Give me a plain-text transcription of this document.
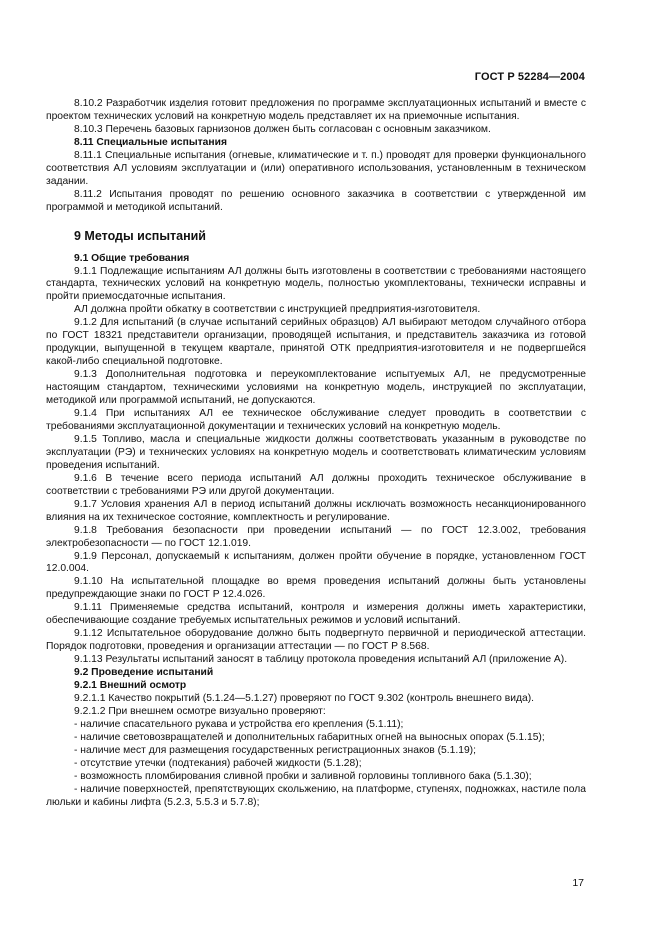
ГОСТ Р 52284—2004

8.10.2 Разработчик изделия готовит предложения по программе эксплуатационных испытаний и вместе с проектом технических условий на конкретную модель представляет их на приемочные испытания.

8.10.3 Перечень базовых гарнизонов должен быть согласован с основным заказчиком.

8.11 Специальные испытания

8.11.1 Специальные испытания (огневые, климатические и т. п.) проводят для проверки функционального соответствия АЛ условиям эксплуатации и (или) оперативного использования, установленным в техническом задании.

8.11.2 Испытания проводят по решению основного заказчика в соответствии с утвержденной им программой и методикой испытаний.

9 Методы испытаний

9.1 Общие требования

9.1.1 Подлежащие испытаниям АЛ должны быть изготовлены в соответствии с требованиями настоящего стандарта, технических условий на конкретную модель, полностью укомплектованы, технически исправны и пройти приемосдаточные испытания.

АЛ должна пройти обкатку в соответствии с инструкцией предприятия-изготовителя.

9.1.2 Для испытаний (в случае испытаний серийных образцов) АЛ выбирают методом случайного отбора по ГОСТ 18321 представители организации, проводящей испытания, и представитель заказчика из готовой продукции, выпущенной в текущем квартале, принятой ОТК предприятия-изготовителя и не подвергшейся какой-либо специальной подготовке.

9.1.3 Дополнительная подготовка и переукомплектование испытуемых АЛ, не предусмотренные настоящим стандартом, техническими условиями на конкретную модель, инструкцией по эксплуатации, методикой или программой испытаний, не допускаются.

9.1.4 При испытаниях АЛ ее техническое обслуживание следует проводить в соответствии с требованиями эксплуатационной документации и технических условий на конкретную модель.

9.1.5 Топливо, масла и специальные жидкости должны соответствовать указанным в руководстве по эксплуатации (РЭ) и технических условиях на конкретную модель и соответствовать климатическим условиям проведения испытаний.

9.1.6 В течение всего периода испытаний АЛ должны проходить техническое обслуживание в соответствии с требованиями РЭ или другой документации.

9.1.7 Условия хранения АЛ в период испытаний должны исключать возможность несанкционированного влияния на их техническое состояние, комплектность и регулирование.

9.1.8 Требования безопасности при проведении испытаний — по ГОСТ 12.3.002, требования электробезопасности — по ГОСТ 12.1.019.

9.1.9 Персонал, допускаемый к испытаниям, должен пройти обучение в порядке, установленном ГОСТ 12.0.004.

9.1.10 На испытательной площадке во время проведения испытаний должны быть установлены предупреждающие знаки по ГОСТ Р 12.4.026.

9.1.11 Применяемые средства испытаний, контроля и измерения должны иметь характеристики, обеспечивающие создание требуемых испытательных режимов и условий испытаний.

9.1.12 Испытательное оборудование должно быть подвергнуто первичной и периодической аттестации. Порядок подготовки, проведения и организации аттестации — по ГОСТ Р 8.568.

9.1.13 Результаты испытаний заносят в таблицу протокола проведения испытаний АЛ (приложение А).

9.2 Проведение испытаний

9.2.1 Внешний осмотр

9.2.1.1 Качество покрытий (5.1.24—5.1.27) проверяют по ГОСТ 9.302 (контроль внешнего вида).

9.2.1.2 При внешнем осмотре визуально проверяют:

- наличие спасательного рукава и устройства его крепления (5.1.11);

- наличие световозвращателей и дополнительных габаритных огней на выносных опорах (5.1.15);

- наличие мест для размещения государственных регистрационных знаков (5.1.19);

- отсутствие утечки (подтекания) рабочей жидкости (5.1.28);

- возможность пломбирования сливной пробки и заливной горловины топливного бака (5.1.30);

- наличие поверхностей, препятствующих скольжению, на платформе, ступенях, подножках, настиле пола люльки и кабины лифта (5.2.3, 5.5.3 и 5.7.8);

17
